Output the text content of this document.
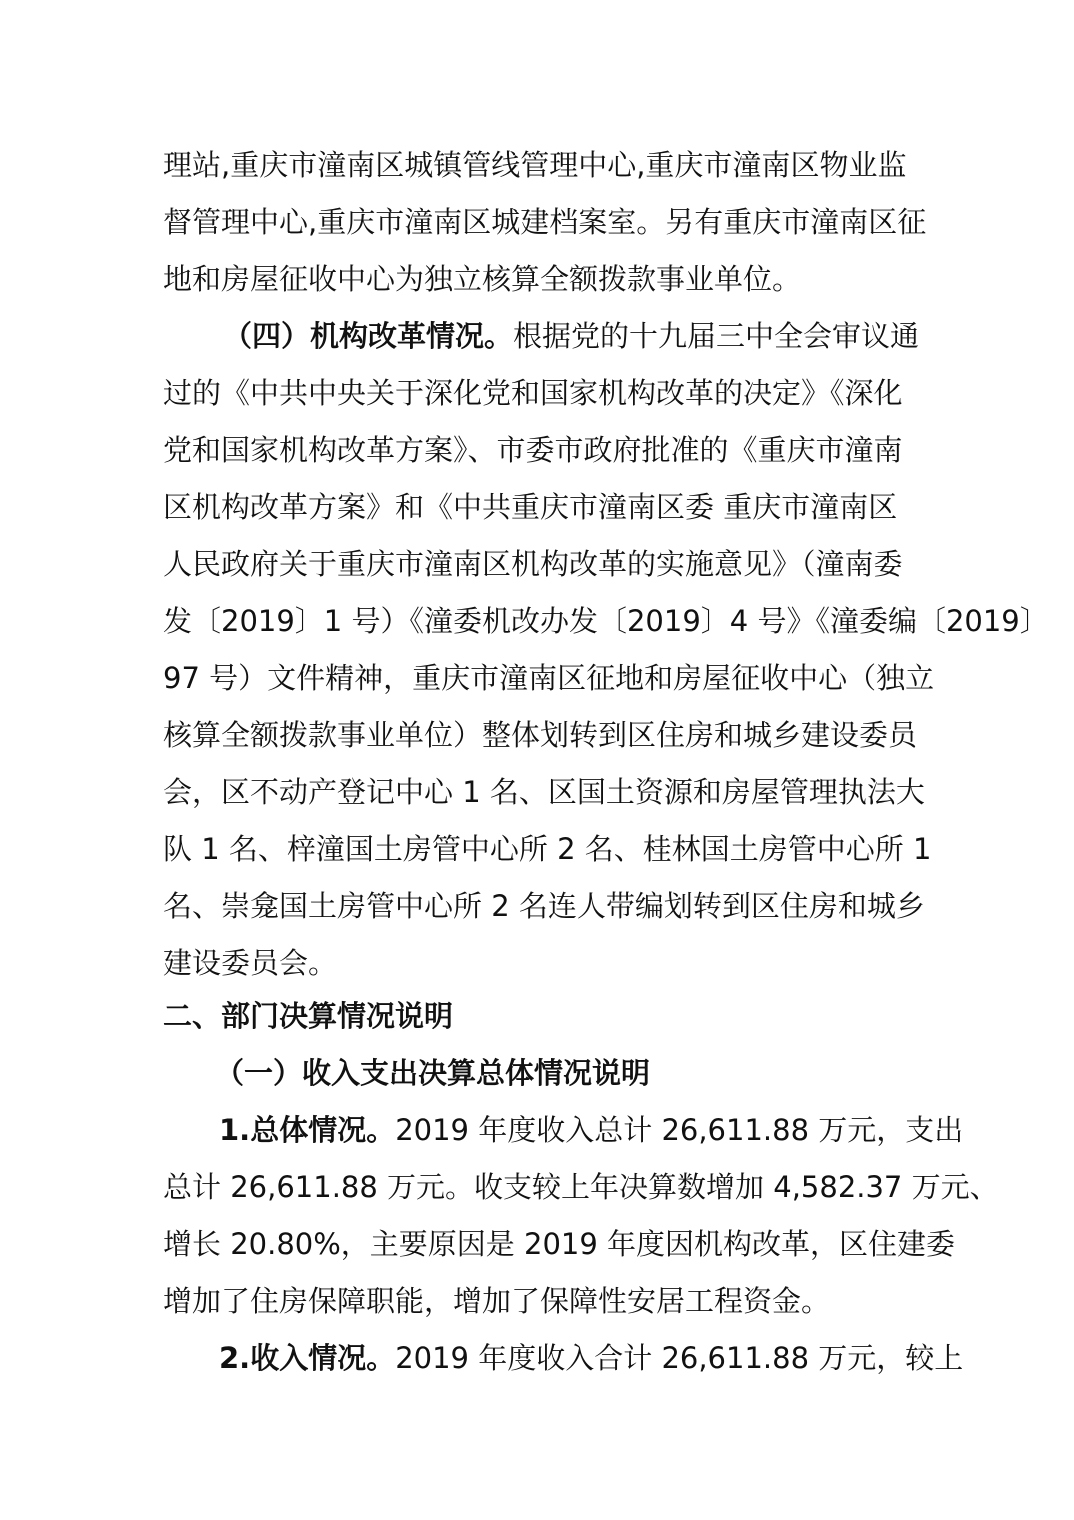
理站,重庆市潼南区城镇管线管理中心,重庆市潼南区物业监
督管理中心,重庆市潼南区城建档案室。另有重庆市潼南区征
地和房屋征收中心为独立核算全额拨款事业单位。
（四）机构改革情况。根据党的十九届三中全会审议通
过的《中共中央关于深化党和国家机构改革的决定》《深化
党和国家机构改革方案》、市委市政府批准的《重庆市潼南
区机构改革方案》和《中共重庆市潼南区委 重庆市潼南区
人民政府关于重庆市潼南区机构改革的实施意见》（潼南委
发〔2019〕1 号）《潼委机改办发〔2019〕4 号》《潼委编〔2019〕
97 号）文件精神，重庆市潼南区征地和房屋征收中心（独立
核算全额拨款事业单位）整体划转到区住房和城乡建设委员
会，区不动产登记中心 1 名、区国土资源和房屋管理执法大
队 1 名、梓潼国土房管中心所 2 名、桂林国土房管中心所 1
名、崇龛国土房管中心所 2 名连人带编划转到区住房和城乡
建设委员会。
二、部门决算情况说明
（一）收入支出决算总体情况说明
1.总体情况。2019 年度收入总计 26,611.88 万元，支出
总计 26,611.88 万元。收支较上年决算数增加 4,582.37 万元、
增长 20.80%，主要原因是 2019 年度因机构改革，区住建委
增加了住房保障职能，增加了保障性安居工程资金。
2.收入情况。2019 年度收入合计 26,611.88 万元，较上
